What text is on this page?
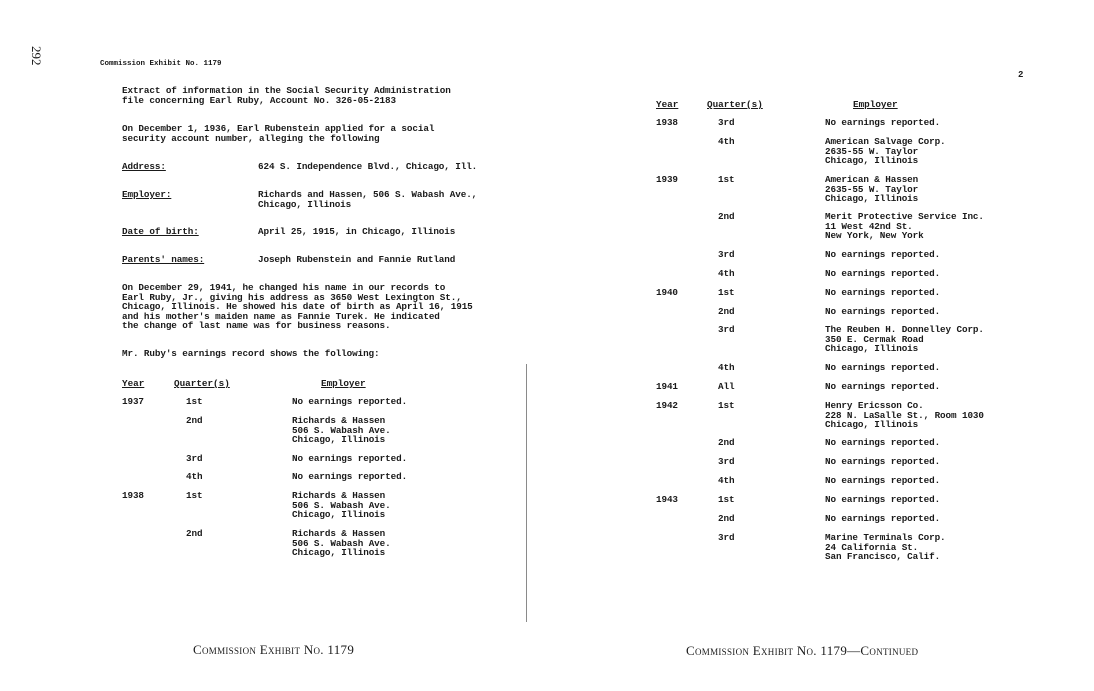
292	Commission Exhibit No. 1179
Extract of information in the Social Security Administration
file concerning Earl Ruby, Account No. 326-05-2183
On December 1, 1936, Earl Rubenstein applied for a social
security account number, alleging the following
Address:	624 S. Independence Blvd., Chicago, Ill.
Employer:	Richards and Hassen, 506 S. Wabash Ave.,
Chicago, Illinois
Date of birth:	April 25, 1915, in Chicago, Illinois
Parents' names:	Joseph Rubenstein and Fannie Rutland
On December 29, 1941, he changed his name in our records to
Earl Ruby, Jr., giving his address as 3650 West Lexington St.,
Chicago, Illinois. He showed his date of birth as April 16, 1915
and his mother's maiden name as Fannie Turek. He indicated
the change of last name was for business reasons.
Mr. Ruby's earnings record shows the following:
Year	Quarter(s)	Employer
1937	1st	No earnings reported.
2nd	Richards & Hassen
506 S. Wabash Ave.
Chicago, Illinois
3rd	No earnings reported.
4th	No earnings reported.
1938	1st	Richards & Hassen
506 S. Wabash Ave.
Chicago, Illinois
2nd	Richards & Hassen
506 S. Wabash Ave.
Chicago, Illinois
Commission Exhibit No. 1179
2
Year	Quarter(s)	Employer
1938	3rd	No earnings reported.
4th	American Salvage Corp.
2635-55 W. Taylor
Chicago, Illinois
1939	1st	American & Hassen
2635-55 W. Taylor
Chicago, Illinois
2nd	Merit Protective Service Inc.
11 West 42nd St.
New York, New York
3rd	No earnings reported.
4th	No earnings reported.
1940	1st	No earnings reported.
2nd	No earnings reported.
3rd	The Reuben H. Donnelley Corp.
350 E. Cermak Road
Chicago, Illinois
4th	No earnings reported.
1941	All	No earnings reported.
1942	1st	Henry Ericsson Co.
228 N. LaSalle St., Room 1030
Chicago, Illinois
2nd	No earnings reported.
3rd	No earnings reported.
4th	No earnings reported.
1943	1st	No earnings reported.
2nd	No earnings reported.
3rd	Marine Terminals Corp.
24 California St.
San Francisco, Calif.
Commission Exhibit No. 1179—Continued
